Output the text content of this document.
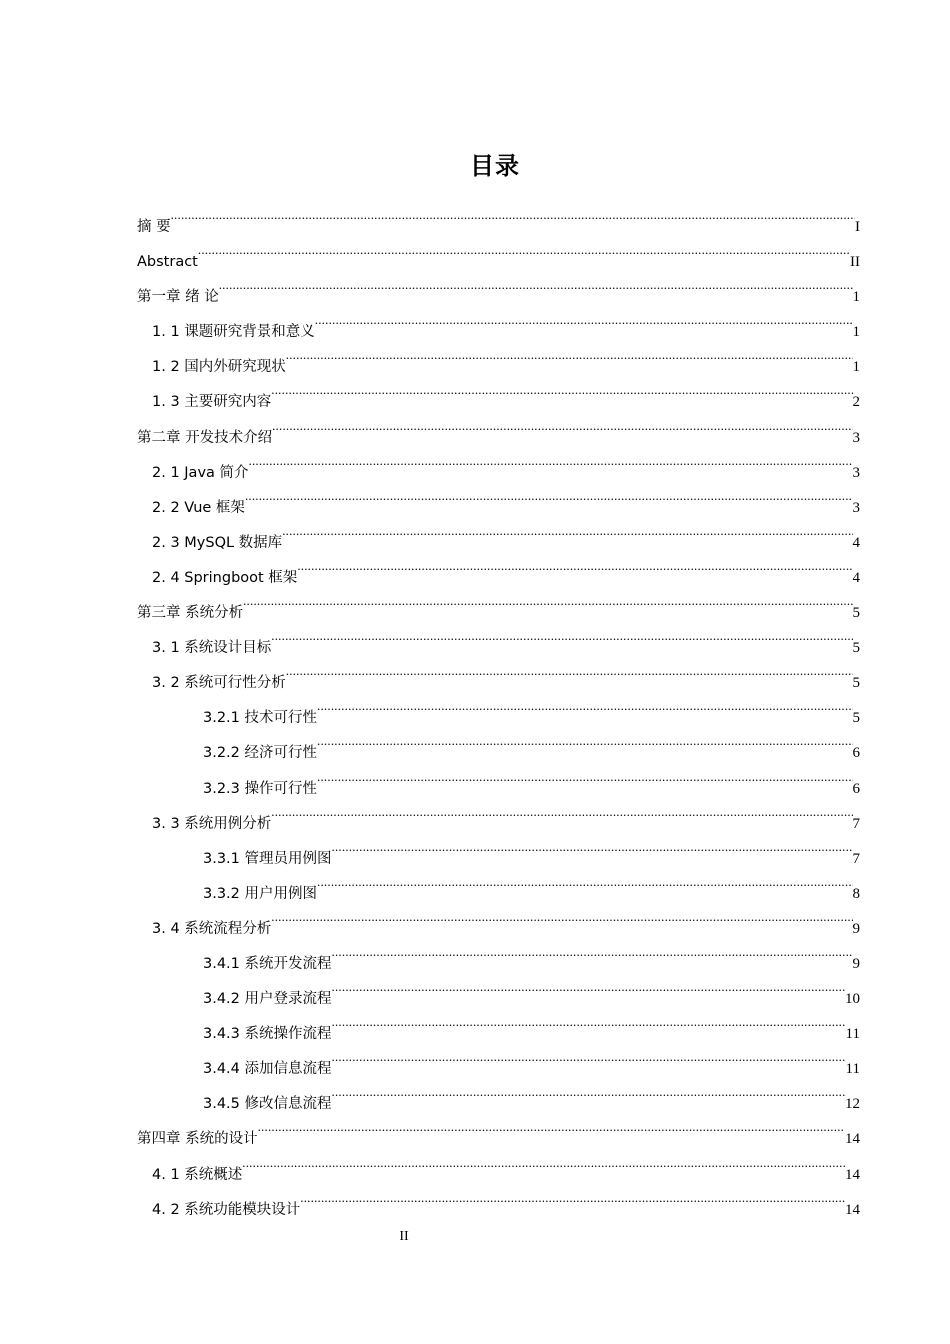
目录
摘 要 .....	I
Abstract .....	II
第一章 绪 论 .....	1
1. 1 课题研究背景和意义 .....	1
1. 2 国内外研究现状 .....	1
1. 3 主要研究内容 .....	2
第二章 开发技术介绍 .....	3
2. 1 Java 简介 .....	3
2. 2 Vue 框架 .....	3
2. 3 MySQL 数据库 .....	4
2. 4 Springboot 框架 .....	4
第三章 系统分析 .....	5
3. 1 系统设计目标 .....	5
3. 2 系统可行性分析 .....	5
3.2.1 技术可行性 .....	5
3.2.2 经济可行性 .....	6
3.2.3 操作可行性 .....	6
3. 3 系统用例分析 .....	7
3.3.1 管理员用例图 .....	7
3.3.2 用户用例图 .....	8
3. 4 系统流程分析 .....	9
3.4.1 系统开发流程 .....	9
3.4.2 用户登录流程 .....	10
3.4.3 系统操作流程 .....	11
3.4.4 添加信息流程 .....	11
3.4.5 修改信息流程 .....	12
第四章 系统的设计 .....	14
4. 1 系统概述 .....	14
4. 2 系统功能模块设计 .....	14
II
